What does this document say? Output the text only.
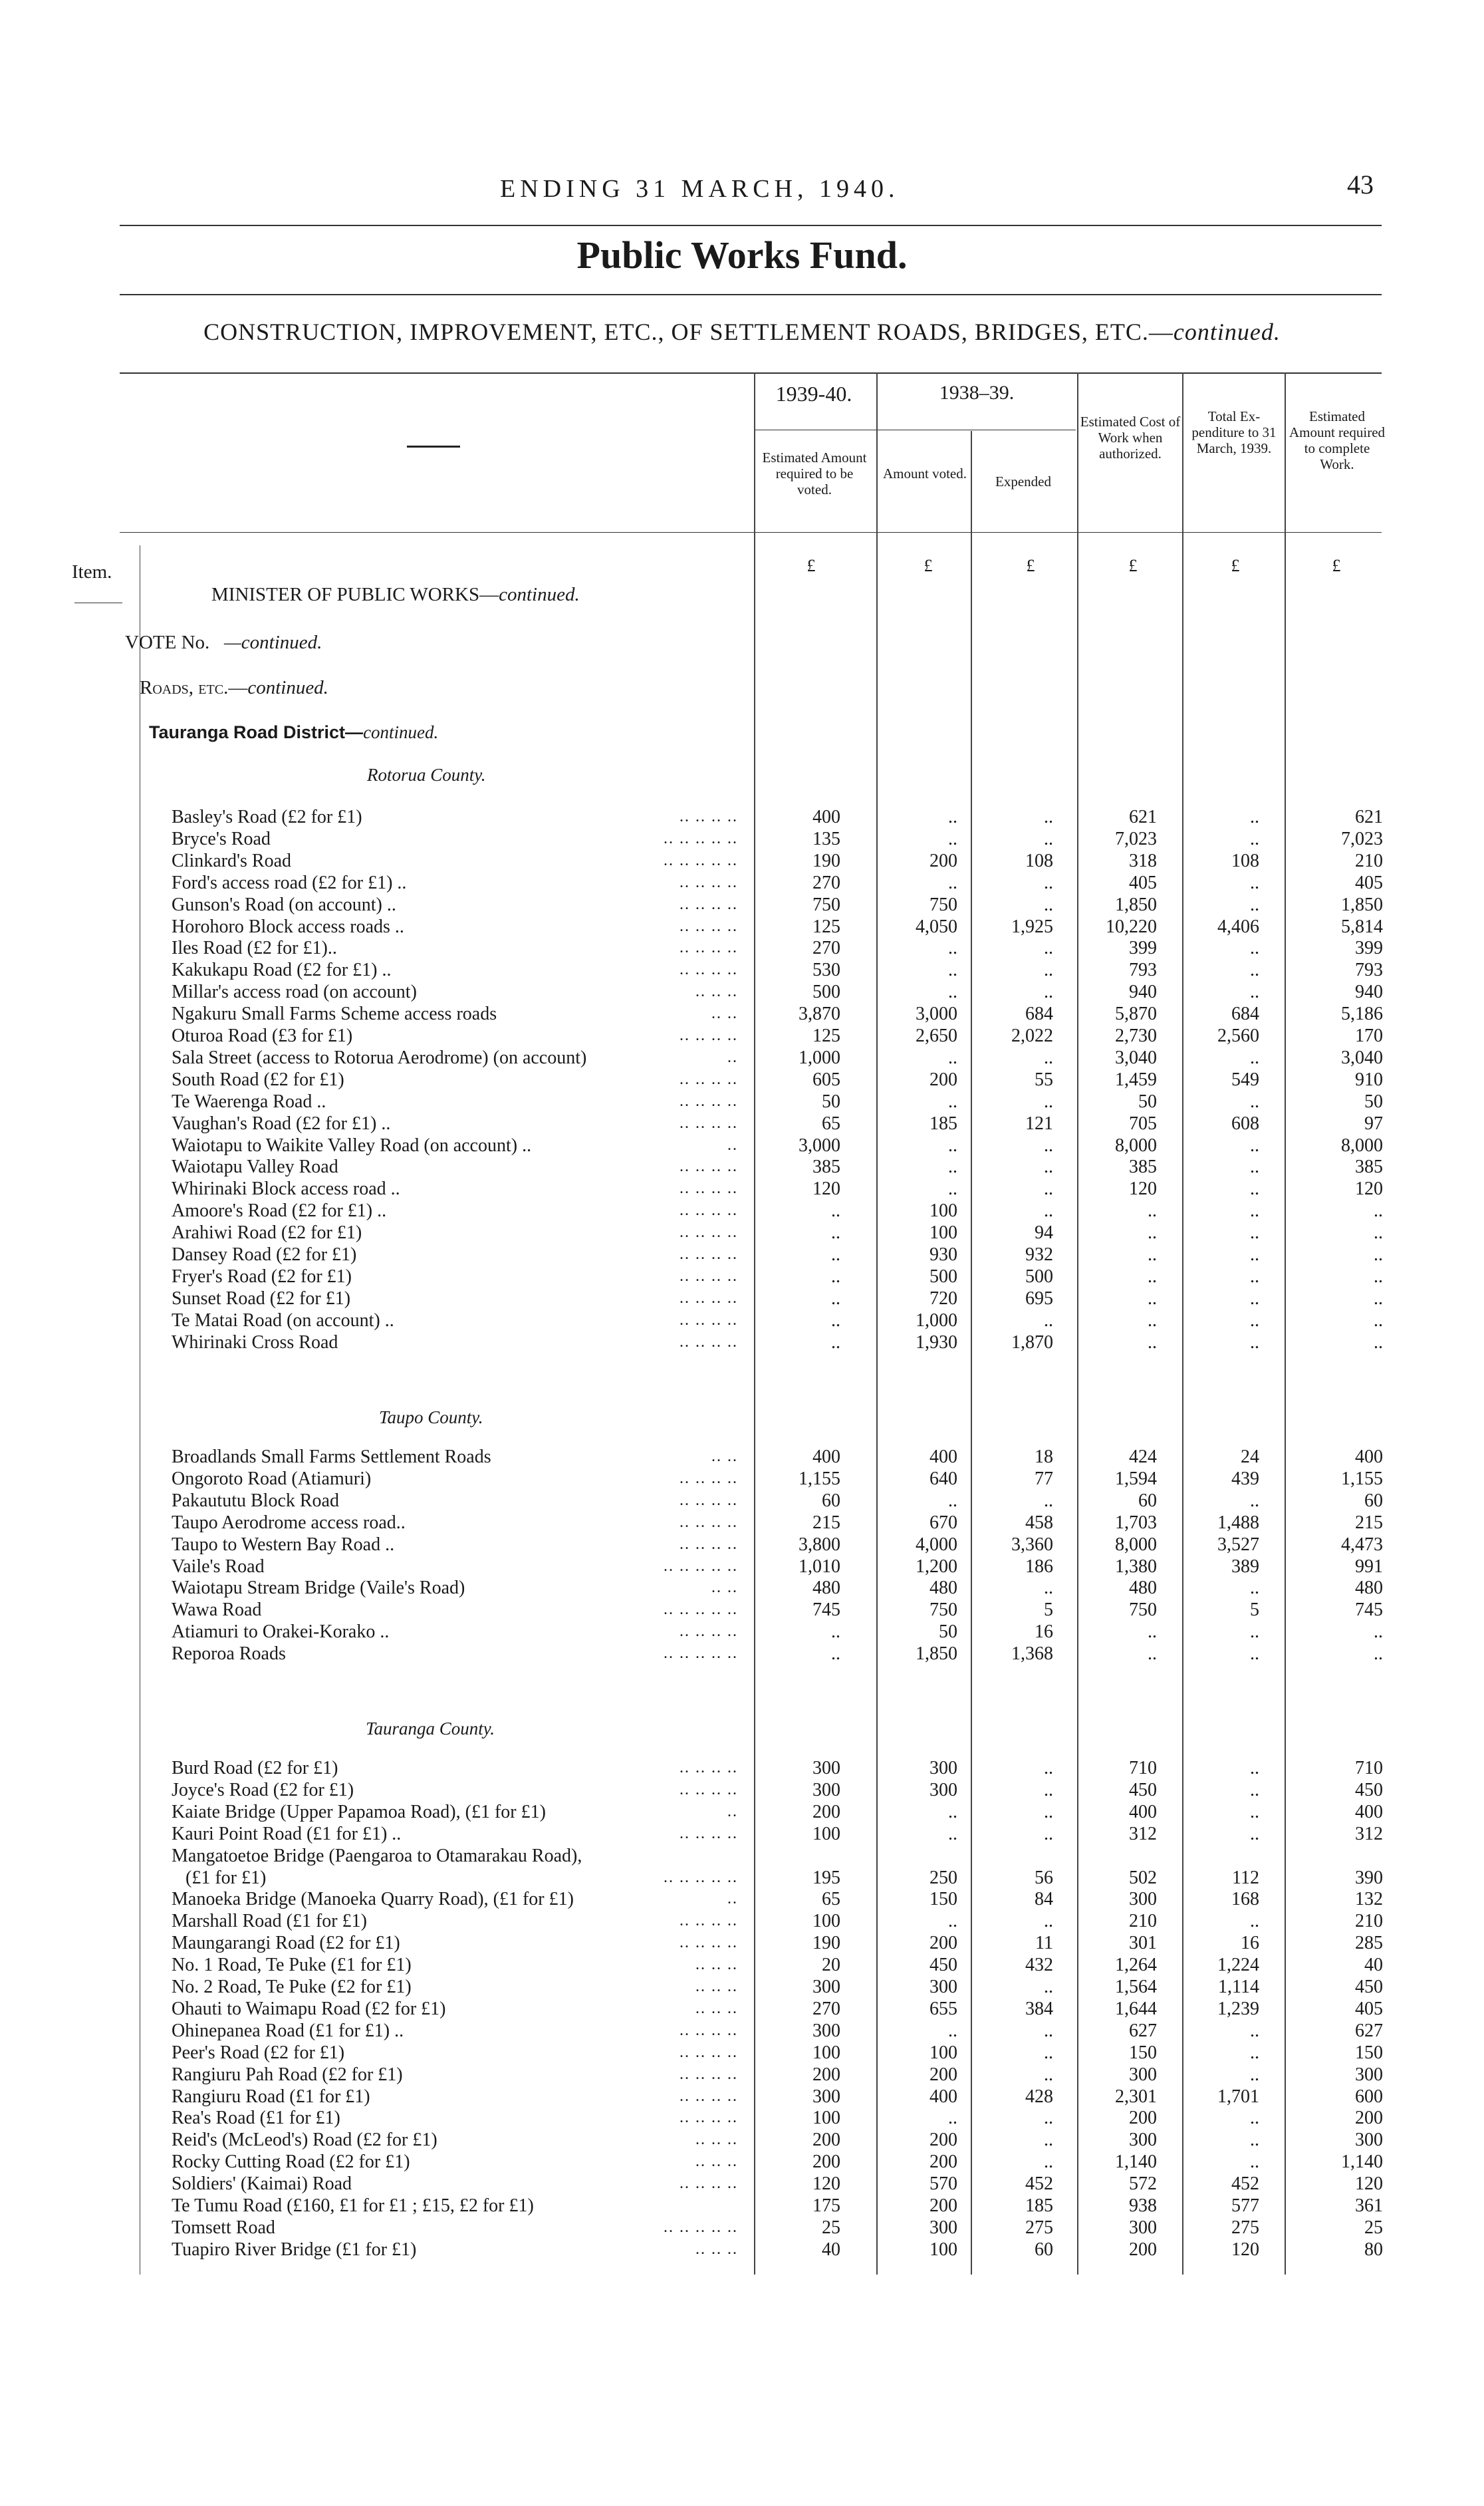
ENDING 31 MARCH, 1940.	43
Public Works Fund.
CONSTRUCTION, IMPROVEMENT, ETC., OF SETTLEMENT ROADS, BRIDGES, ETC.—continued.
1939-40.	1938–39.
Estimated Amount required to be voted.
Amount voted.	Expended
Estimated Cost of Work when authorized.
Total Ex- penditure to 31 March, 1939.
Estimated Amount required to complete Work.
£	£	£	£	£	£
Item.
MINISTER OF PUBLIC WORKS—continued.
VOTE No. —continued.
Roads, etc.—continued.
Tauranga Road District—continued.
Rotorua County.
Basley's Road (£2 for £1)	.. .. .. ..	400	..	..	621	..	621
Bryce's Road	.. .. .. .. ..	135	..	..	7,023	..	7,023
Clinkard's Road	.. .. .. .. ..	190	200	108	318	108	210
Ford's access road (£2 for £1) ..	.. .. .. ..	270	..	..	405	..	405
Gunson's Road (on account) ..	.. .. .. ..	750	750	..	1,850	..	1,850
Horohoro Block access roads ..	.. .. .. ..	125	4,050	1,925	10,220	4,406	5,814
Iles Road (£2 for £1)..	.. .. .. ..	270	..	..	399	..	399
Kakukapu Road (£2 for £1) ..	.. .. .. ..	530	..	..	793	..	793
Millar's access road (on account)	.. .. ..	500	..	..	940	..	940
Ngakuru Small Farms Scheme access roads	.. ..	3,870	3,000	684	5,870	684	5,186
Oturoa Road (£3 for £1)	.. .. .. ..	125	2,650	2,022	2,730	2,560	170
Sala Street (access to Rotorua Aerodrome) (on account)	..	1,000	..	..	3,040	..	3,040
South Road (£2 for £1)	.. .. .. ..	605	200	55	1,459	549	910
Te Waerenga Road ..	.. .. .. ..	50	..	..	50	..	50
Vaughan's Road (£2 for £1) ..	.. .. .. ..	65	185	121	705	608	97
Waiotapu to Waikite Valley Road (on account) ..	..	3,000	..	..	8,000	..	8,000
Waiotapu Valley Road	.. .. .. ..	385	..	..	385	..	385
Whirinaki Block access road ..	.. .. .. ..	120	..	..	120	..	120
Amoore's Road (£2 for £1) ..	.. .. .. ..	..	100	..	..	..	..
Arahiwi Road (£2 for £1)	.. .. .. ..	..	100	94	..	..	..
Dansey Road (£2 for £1)	.. .. .. ..	..	930	932	..	..	..
Fryer's Road (£2 for £1)	.. .. .. ..	..	500	500	..	..	..
Sunset Road (£2 for £1)	.. .. .. ..	..	720	695	..	..	..
Te Matai Road (on account) ..	.. .. .. ..	..	1,000	..	..	..	..
Whirinaki Cross Road	.. .. .. ..	..	1,930	1,870	..	..	..
Taupo County.
Broadlands Small Farms Settlement Roads	.. ..	400	400	18	424	24	400
Ongoroto Road (Atiamuri)	.. .. .. ..	1,155	640	77	1,594	439	1,155
Pakaututu Block Road	.. .. .. ..	60	..	..	60	..	60
Taupo Aerodrome access road..	.. .. .. ..	215	670	458	1,703	1,488	215
Taupo to Western Bay Road ..	.. .. .. ..	3,800	4,000	3,360	8,000	3,527	4,473
Vaile's Road	.. .. .. .. ..	1,010	1,200	186	1,380	389	991
Waiotapu Stream Bridge (Vaile's Road)	.. ..	480	480	..	480	..	480
Wawa Road	.. .. .. .. ..	745	750	5	750	5	745
Atiamuri to Orakei-Korako ..	.. .. .. ..	..	50	16	..	..	..
Reporoa Roads	.. .. .. .. ..	..	1,850	1,368	..	..	..
Tauranga County.
Burd Road (£2 for £1)	.. .. .. ..	300	300	..	710	..	710
Joyce's Road (£2 for £1)	.. .. .. ..	300	300	..	450	..	450
Kaiate Bridge (Upper Papamoa Road), (£1 for £1)	..	200	..	..	400	..	400
Kauri Point Road (£1 for £1) ..	.. .. .. ..	100	..	..	312	..	312
Mangatoetoe Bridge (Paengaroa to Otamarakau Road),
(£1 for £1)	.. .. .. .. ..	195	250	56	502	112	390
Manoeka Bridge (Manoeka Quarry Road), (£1 for £1)	..	65	150	84	300	168	132
Marshall Road (£1 for £1)	.. .. .. ..	100	..	..	210	..	210
Maungarangi Road (£2 for £1)	.. .. .. ..	190	200	11	301	16	285
No. 1 Road, Te Puke (£1 for £1)	.. .. ..	20	450	432	1,264	1,224	40
No. 2 Road, Te Puke (£2 for £1)	.. .. ..	300	300	..	1,564	1,114	450
Ohauti to Waimapu Road (£2 for £1)	.. .. ..	270	655	384	1,644	1,239	405
Ohinepanea Road (£1 for £1) ..	.. .. .. ..	300	..	..	627	..	627
Peer's Road (£2 for £1)	.. .. .. ..	100	100	..	150	..	150
Rangiuru Pah Road (£2 for £1)	.. .. .. ..	200	200	..	300	..	300
Rangiuru Road (£1 for £1)	.. .. .. ..	300	400	428	2,301	1,701	600
Rea's Road (£1 for £1)	.. .. .. ..	100	..	..	200	..	200
Reid's (McLeod's) Road (£2 for £1)	.. .. ..	200	200	..	300	..	300
Rocky Cutting Road (£2 for £1)	.. .. ..	200	200	..	1,140	..	1,140
Soldiers' (Kaimai) Road	.. .. .. ..	120	570	452	572	452	120
Te Tumu Road (£160, £1 for £1 ; £15, £2 for £1)	175	200	185	938	577	361
Tomsett Road	.. .. .. .. ..	25	300	275	300	275	25
Tuapiro River Bridge (£1 for £1)	.. .. ..	40	100	60	200	120	80
